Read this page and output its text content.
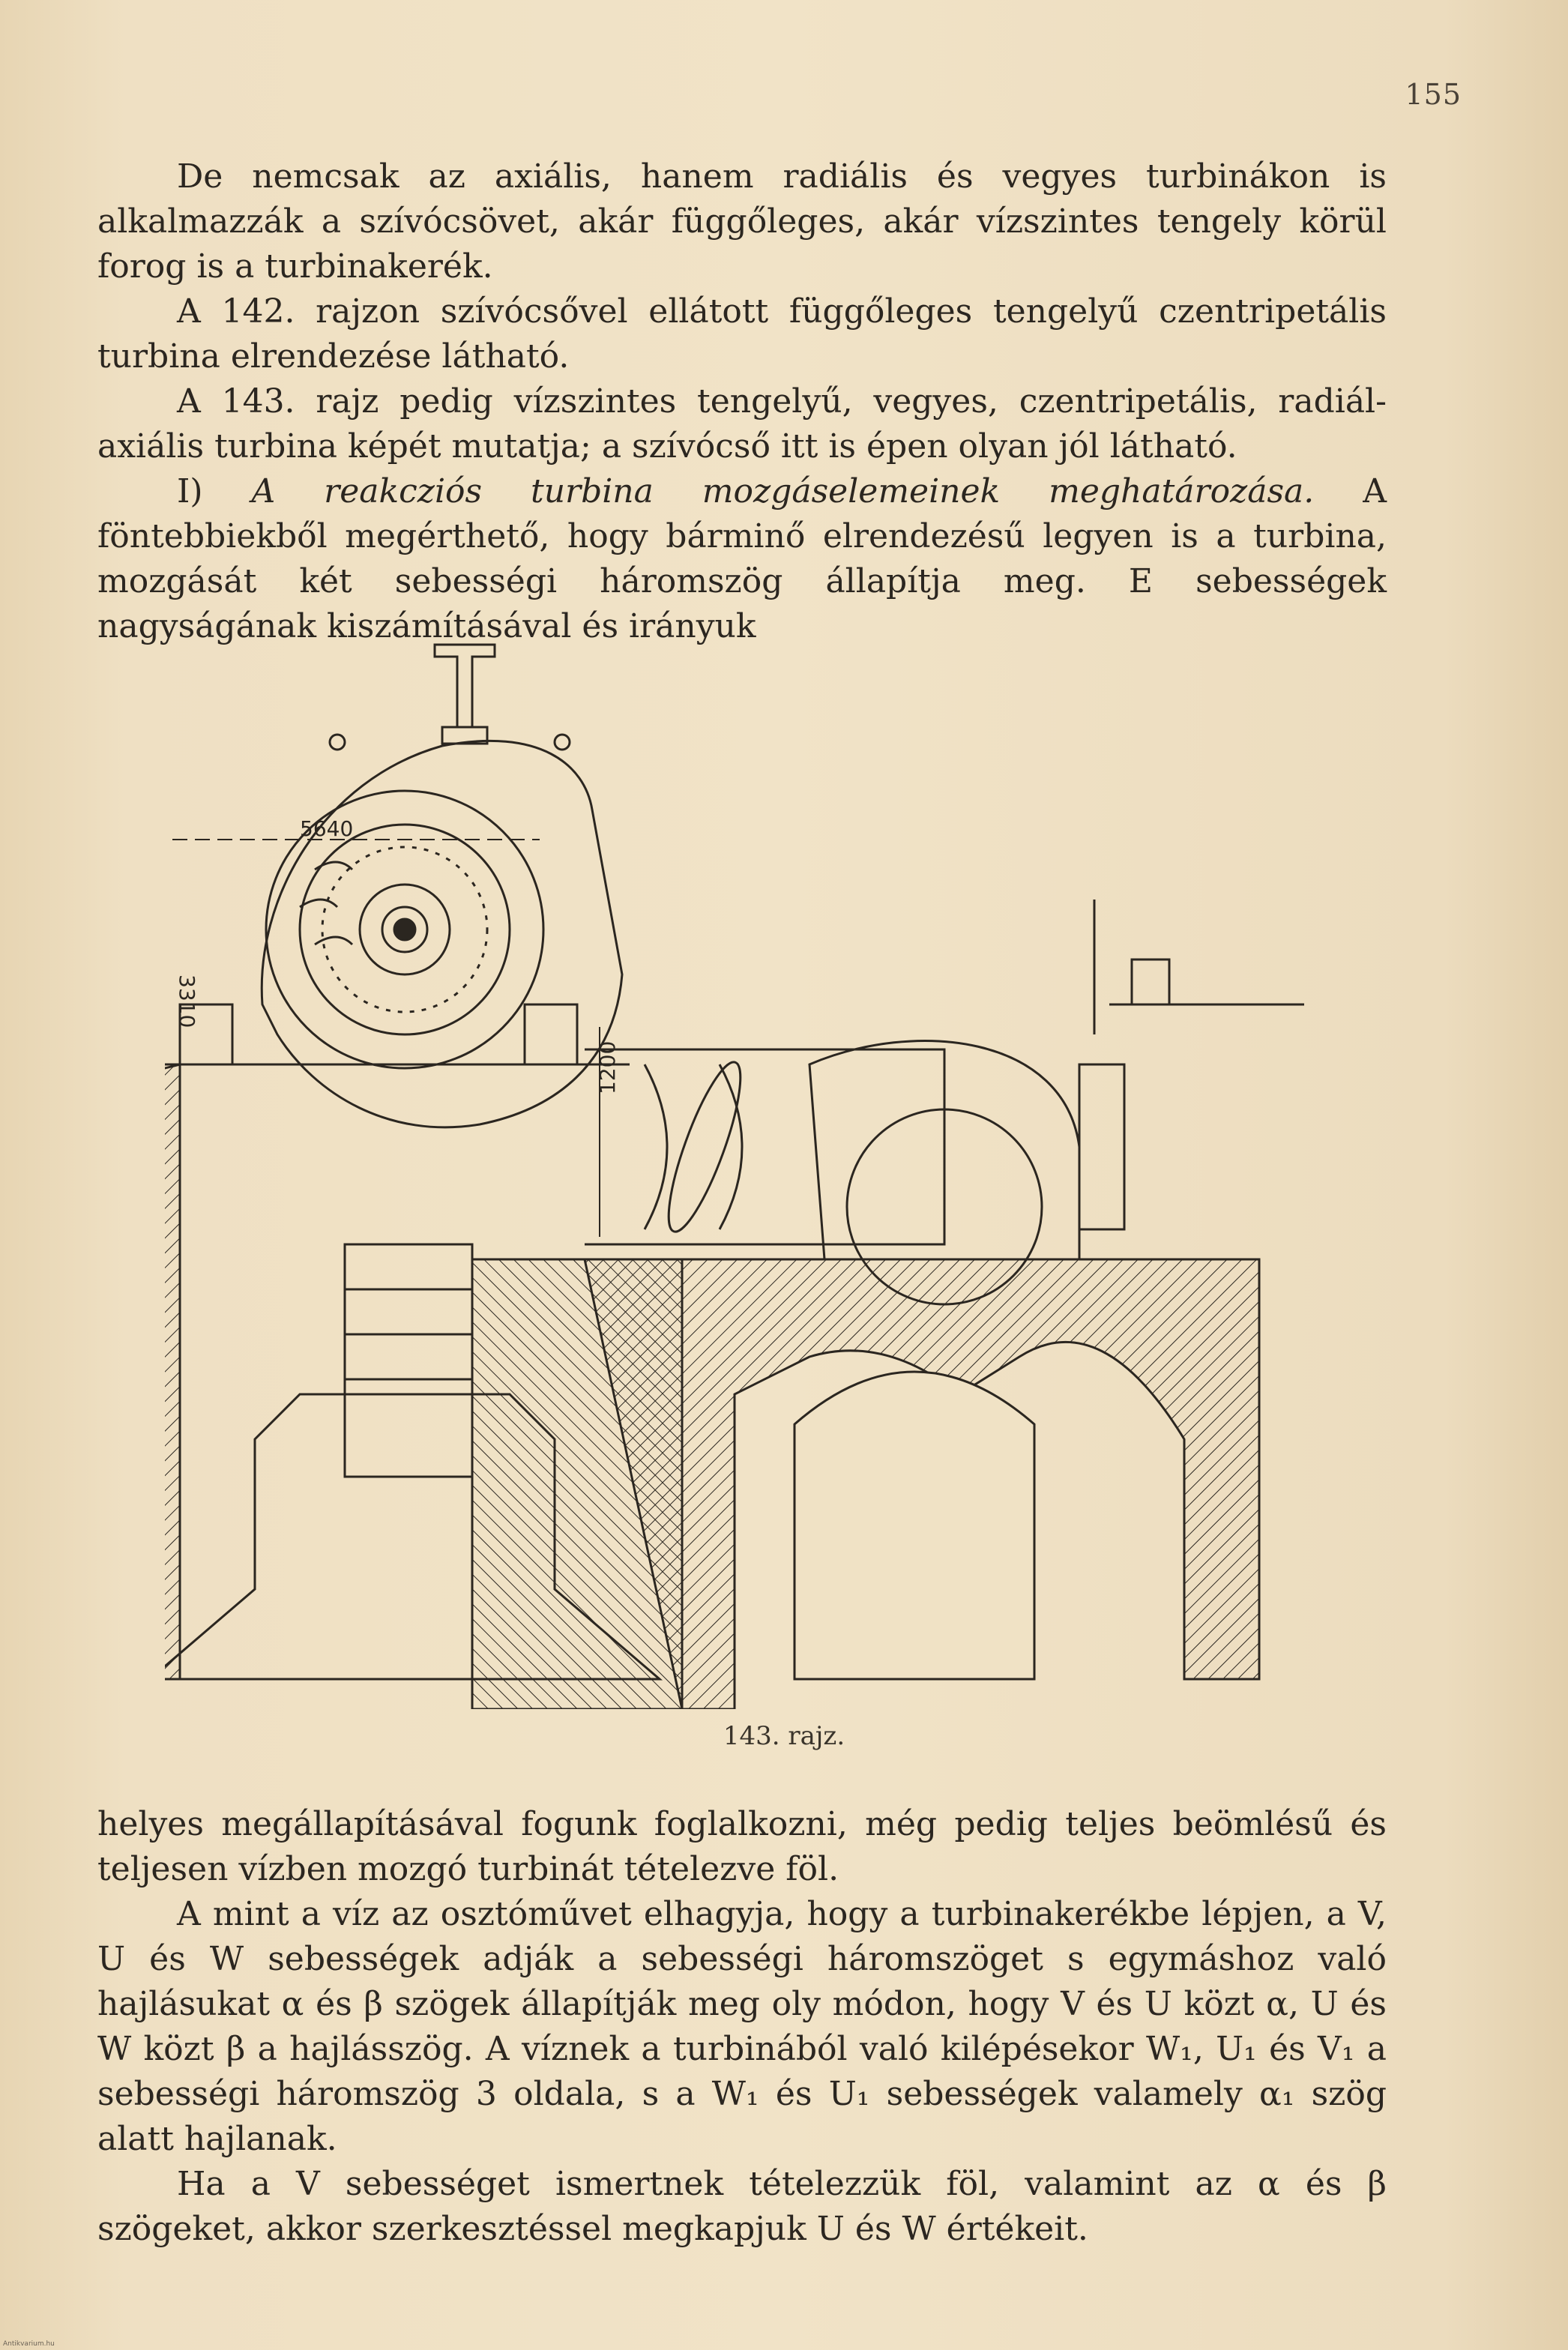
155

De nemcsak az axiális, hanem radiális és vegyes turbinákon is alkalmazzák a szívócsövet, akár függőleges, akár vízszintes tengely körül forog is a turbinakerék.

A 142. rajzon szívócsővel ellátott függőleges tengelyű czentripetális turbina elrendezése látható.

A 143. rajz pedig vízszintes tengelyű, vegyes, czentripetális, radiál-axiális turbina képét mutatja; a szívócső itt is épen olyan jól látható.

I) A reakcziós turbina mozgáselemeinek meghatározása. A föntebbiekből megérthető, hogy bárminő elrendezésű legyen is a turbina, mozgását két sebességi háromszög állapítja meg. E sebességek nagyságának kiszámításával és irányuk

5640
3310
1200
143. rajz.

helyes megállapításával fogunk foglalkozni, még pedig teljes beömlésű és teljesen vízben mozgó turbinát tételezve föl.

A mint a víz az osztóművet elhagyja, hogy a turbinakerékbe lépjen, a V, U és W sebességek adják a sebességi háromszöget s egymáshoz való hajlásukat α és β szögek állapítják meg oly módon, hogy V és U közt α, U és W közt β a hajlásszög. A víznek a turbinából való kilépésekor W₁, U₁ és V₁ a sebességi háromszög 3 oldala, s a W₁ és U₁ sebességek valamely α₁ szög alatt hajlanak.

Ha a V sebességet ismertnek tételezzük föl, valamint az α és β szögeket, akkor szerkesztéssel megkapjuk U és W értékeit.

Antikvarium.hu
